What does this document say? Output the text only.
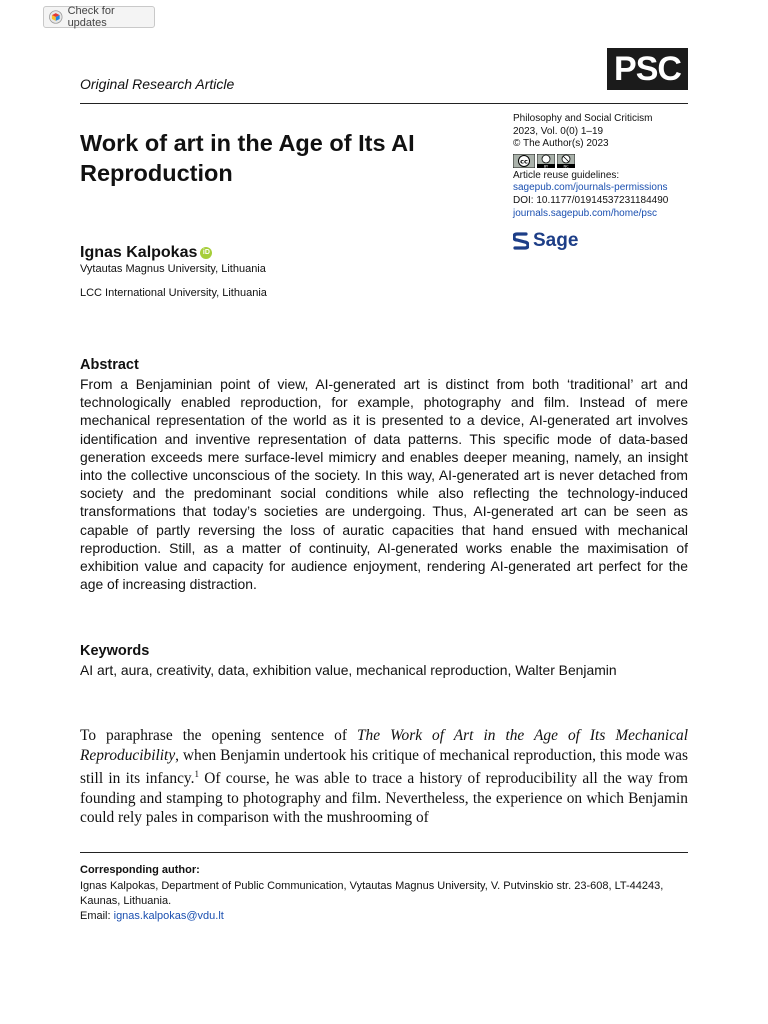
Check for updates
PSC
Original Research Article
Work of art in the Age of Its AI Reproduction
Philosophy and Social Criticism
2023, Vol. 0(0) 1–19
© The Author(s) 2023
cc
BY	NC
Article reuse guidelines:
sagepub.com/journals-permissions
DOI: 10.1177/01914537231184490
journals.sagepub.com/home/psc
Sage
Ignas Kalpokas iD
Vytautas Magnus University, Lithuania
LCC International University, Lithuania
Abstract
From a Benjaminian point of view, AI-generated art is distinct from both ‘traditional’ art and technologically enabled reproduction, for example, photography and film. Instead of mere mechanical representation of the world as it is presented to a device, AI-generated art involves identification and inventive representation of data patterns. This specific mode of data-based generation exceeds mere surface-level mimicry and enables deeper meaning, namely, an insight into the collective unconscious of the society. In this way, AI-generated art is never detached from society and the predominant social conditions while also reflecting the technology-induced transformations that today’s societies are undergoing. Thus, AI-generated art can be seen as capable of partly reversing the loss of auratic capacities that hand ensued with mechanical reproduction. Still, as a matter of continuity, AI-generated works enable the maximisation of exhibition value and capacity for audience enjoyment, rendering AI-generated art perfect for the age of increasing distraction.
Keywords
AI art, aura, creativity, data, exhibition value, mechanical reproduction, Walter Benjamin
To paraphrase the opening sentence of The Work of Art in the Age of Its Mechanical Reproducibility, when Benjamin undertook his critique of mechanical reproduction, this mode was still in its infancy.$^1$ Of course, he was able to trace a history of reproducibility all the way from founding and stamping to photography and film. Nevertheless, the experience on which Benjamin could rely pales in comparison with the mushrooming of
Corresponding author:
Ignas Kalpokas, Department of Public Communication, Vytautas Magnus University, V. Putvinskio str. 23-608, LT-44243, Kaunas, Lithuania.
Email: ignas.kalpokas@vdu.lt
